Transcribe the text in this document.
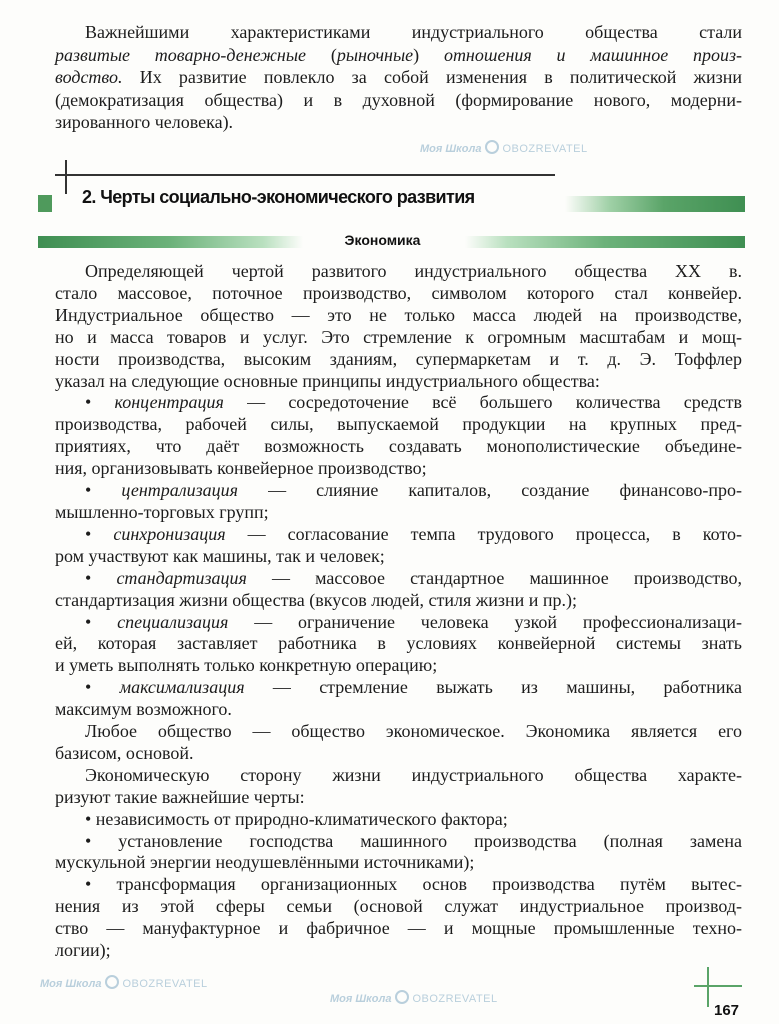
Моя Школа OBOZREVATEL
Моя Школа OBOZREVATEL
Моя Школа OBOZREVATEL
Важнейшими характеристиками индустриального общества стали
развитые товарно-денежные (рыночные) отношения и машинное произ-
водство. Их развитие повлекло за собой изменения в политической жизни
(демократизация общества) и в духовной (формирование нового, модерни-
зированного человека).
2. Черты социально-экономического развития
Экономика
Определяющей чертой развитого индустриального общества XX в.
стало массовое, поточное производство, символом которого стал конвейер.
Индустриальное общество — это не только масса людей на производстве,
но и масса товаров и услуг. Это стремление к огромным масштабам и мощ-
ности производства, высоким зданиям, супермаркетам и т. д. Э. Тоффлер
указал на следующие основные принципы индустриального общества:
• концентрация — сосредоточение всё большего количества средств
производства, рабочей силы, выпускаемой продукции на крупных пред-
приятиях, что даёт возможность создавать монополистические объедине-
ния, организовывать конвейерное производство;
• централизация — слияние капиталов, создание финансово-про-
мышленно-торговых групп;
• синхронизация — согласование темпа трудового процесса, в кото-
ром участвуют как машины, так и человек;
• стандартизация — массовое стандартное машинное производство,
стандартизация жизни общества (вкусов людей, стиля жизни и пр.);
• специализация — ограничение человека узкой профессионализаци-
ей, которая заставляет работника в условиях конвейерной системы знать
и уметь выполнять только конкретную операцию;
• максимализация — стремление выжать из машины, работника
максимум возможного.
Любое общество — общество экономическое. Экономика является его
базисом, основой.
Экономическую сторону жизни индустриального общества характе-
ризуют такие важнейшие черты:
• независимость от природно-климатического фактора;
• установление господства машинного производства (полная замена
мускульной энергии неодушевлёнными источниками);
• трансформация организационных основ производства путём вытес-
нения из этой сферы семьи (основой служат индустриальное производ-
ство — мануфактурное и фабричное — и мощные промышленные техно-
логии);
167
